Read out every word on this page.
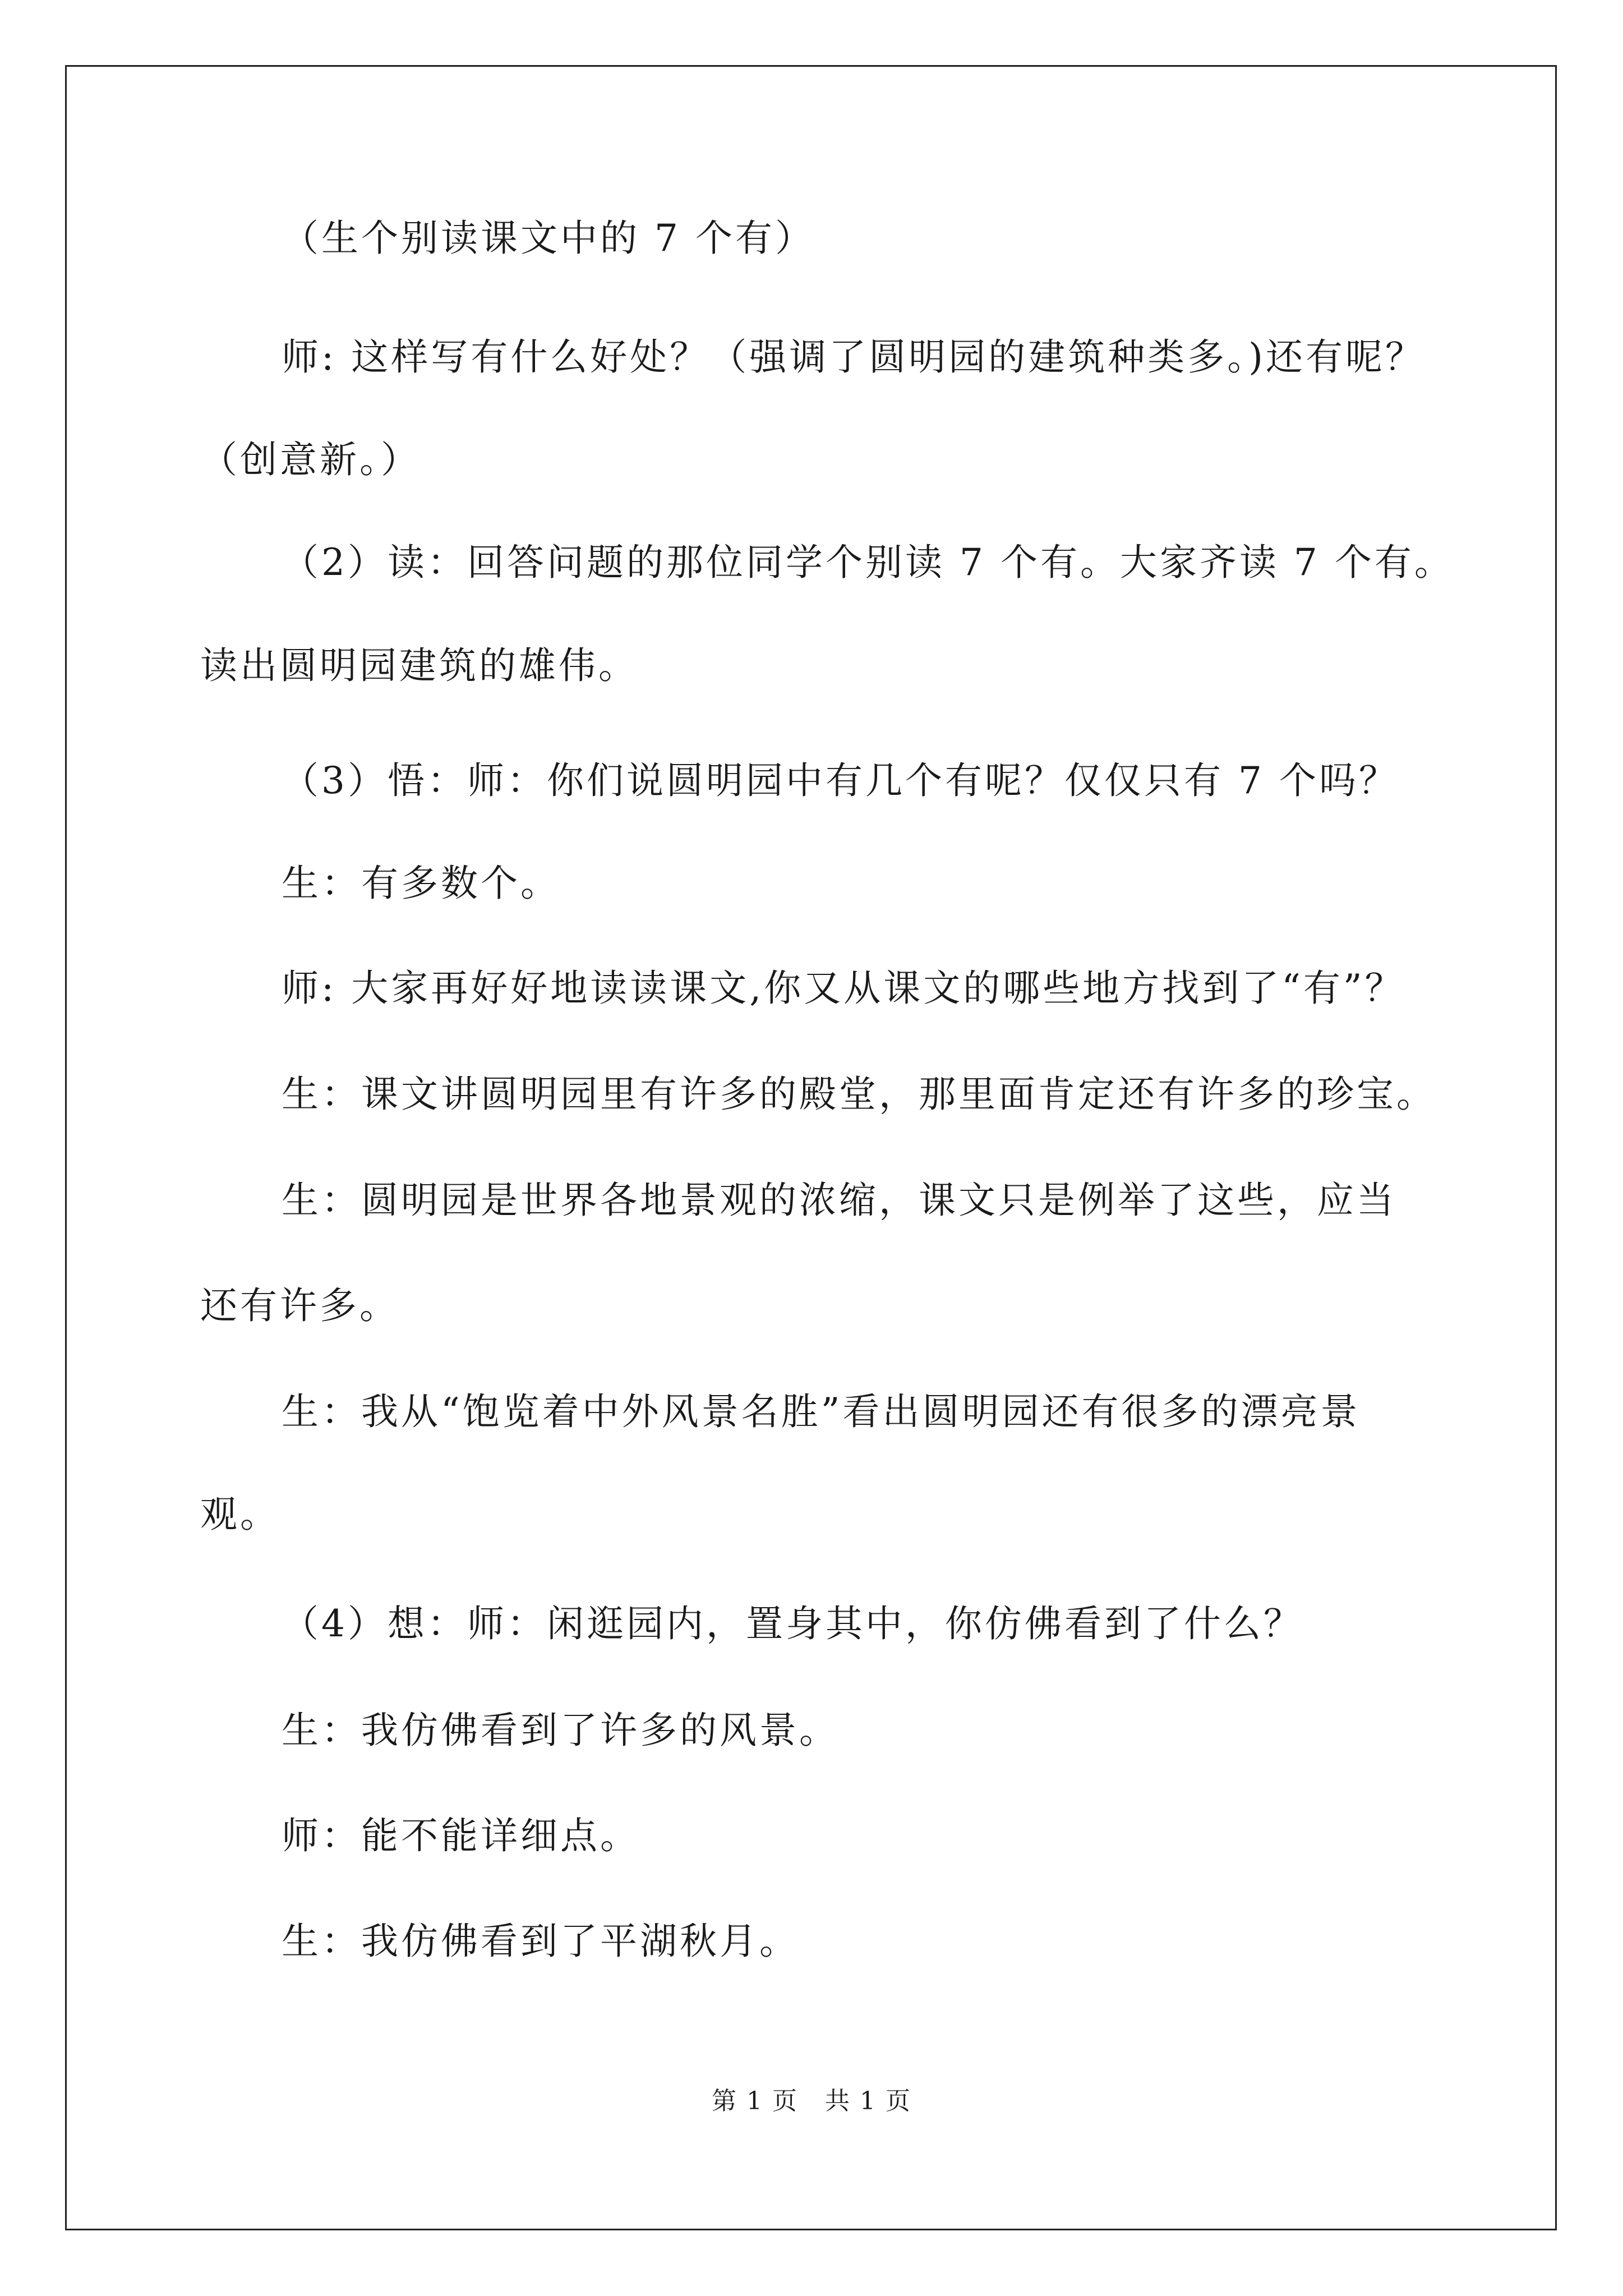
（生个别读课文中的 7 个有）
师: 这样写有什么好处？（强调了圆明园的建筑种类多。)还有呢？
（创意新。）
（2）读：回答问题的那位同学个别读 7 个有。大家齐读 7 个有。
读出圆明园建筑的雄伟。
（3）悟：师：你们说圆明园中有几个有呢？仅仅只有 7 个吗？
生：有多数个。
师: 大家再好好地读读课文,你又从课文的哪些地方找到了“有”？
生：课文讲圆明园里有许多的殿堂，那里面肯定还有许多的珍宝。
生：圆明园是世界各地景观的浓缩，课文只是例举了这些，应当
还有许多。
生：我从“饱览着中外风景名胜”看出圆明园还有很多的漂亮景
观。
（4）想：师：闲逛园内，置身其中，你仿佛看到了什么？
生：我仿佛看到了许多的风景。
师：能不能详细点。
生：我仿佛看到了平湖秋月。
第 1 页 共 1 页
